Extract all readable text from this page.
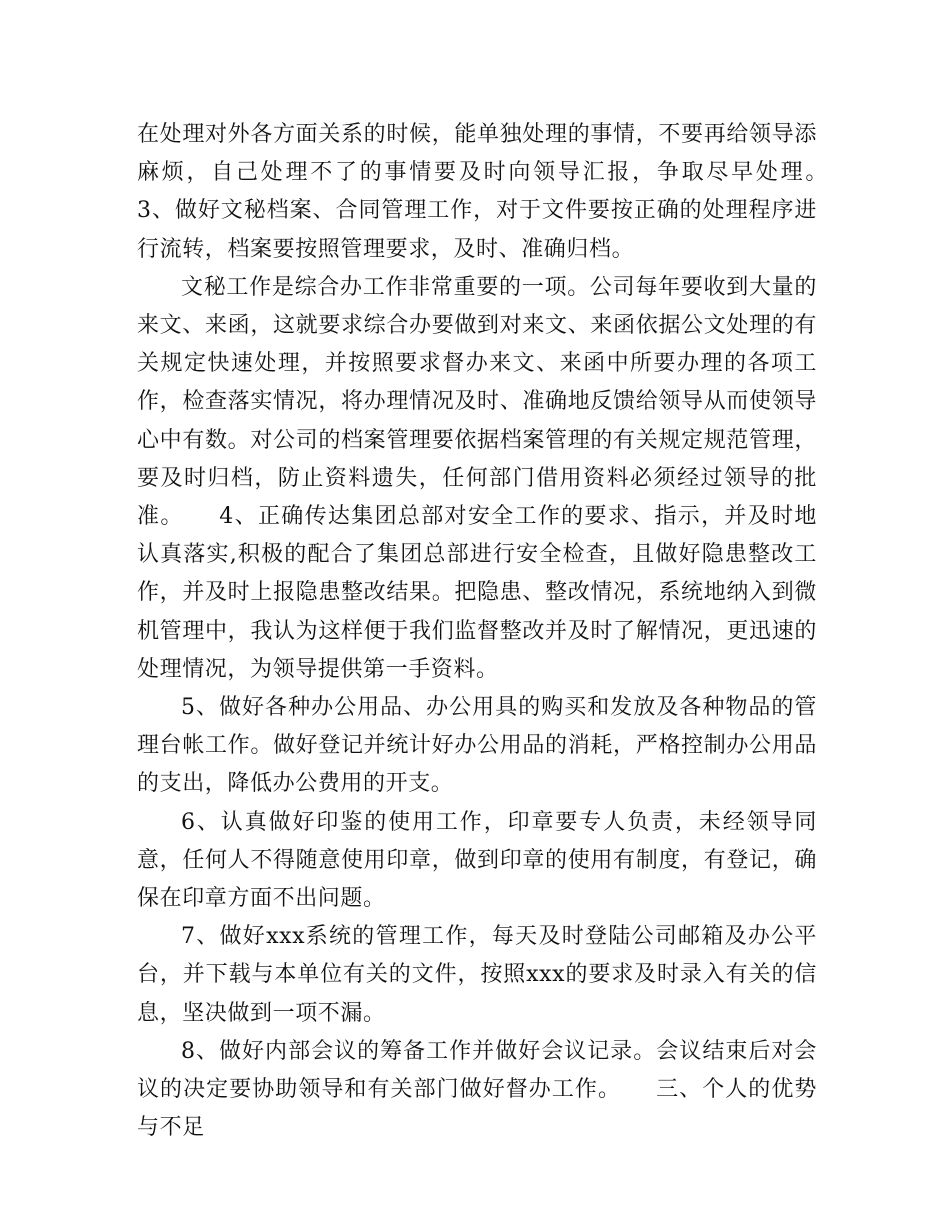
在处理对外各方面关系的时候，能单独处理的事情，不要再给领导添麻烦，自己处理不了的事情要及时向领导汇报，争取尽早处理。　　3、做好文秘档案、合同管理工作，对于文件要按正确的处理程序进行流转，档案要按照管理要求，及时、准确归档。

文秘工作是综合办工作非常重要的一项。公司每年要收到大量的来文、来函，这就要求综合办要做到对来文、来函依据公文处理的有关规定快速处理，并按照要求督办来文、来函中所要办理的各项工作，检查落实情况，将办理情况及时、准确地反馈给领导从而使领导心中有数。对公司的档案管理要依据档案管理的有关规定规范管理，要及时归档，防止资料遗失，任何部门借用资料必须经过领导的批准。　　4、正确传达集团总部对安全工作的要求、指示，并及时地认真落实,积极的配合了集团总部进行安全检查，且做好隐患整改工作，并及时上报隐患整改结果。把隐患、整改情况，系统地纳入到微机管理中，我认为这样便于我们监督整改并及时了解情况，更迅速的处理情况，为领导提供第一手资料。

5、做好各种办公用品、办公用具的购买和发放及各种物品的管理台帐工作。做好登记并统计好办公用品的消耗，严格控制办公用品的支出，降低办公费用的开支。

6、认真做好印鉴的使用工作，印章要专人负责，未经领导同意，任何人不得随意使用印章，做到印章的使用有制度，有登记，确保在印章方面不出问题。

7、做好xxx系统的管理工作，每天及时登陆公司邮箱及办公平台，并下载与本单位有关的文件，按照xxx的要求及时录入有关的信息，坚决做到一项不漏。

8、做好内部会议的筹备工作并做好会议记录。会议结束后对会议的决定要协助领导和有关部门做好督办工作。　　三、个人的优势与不足
